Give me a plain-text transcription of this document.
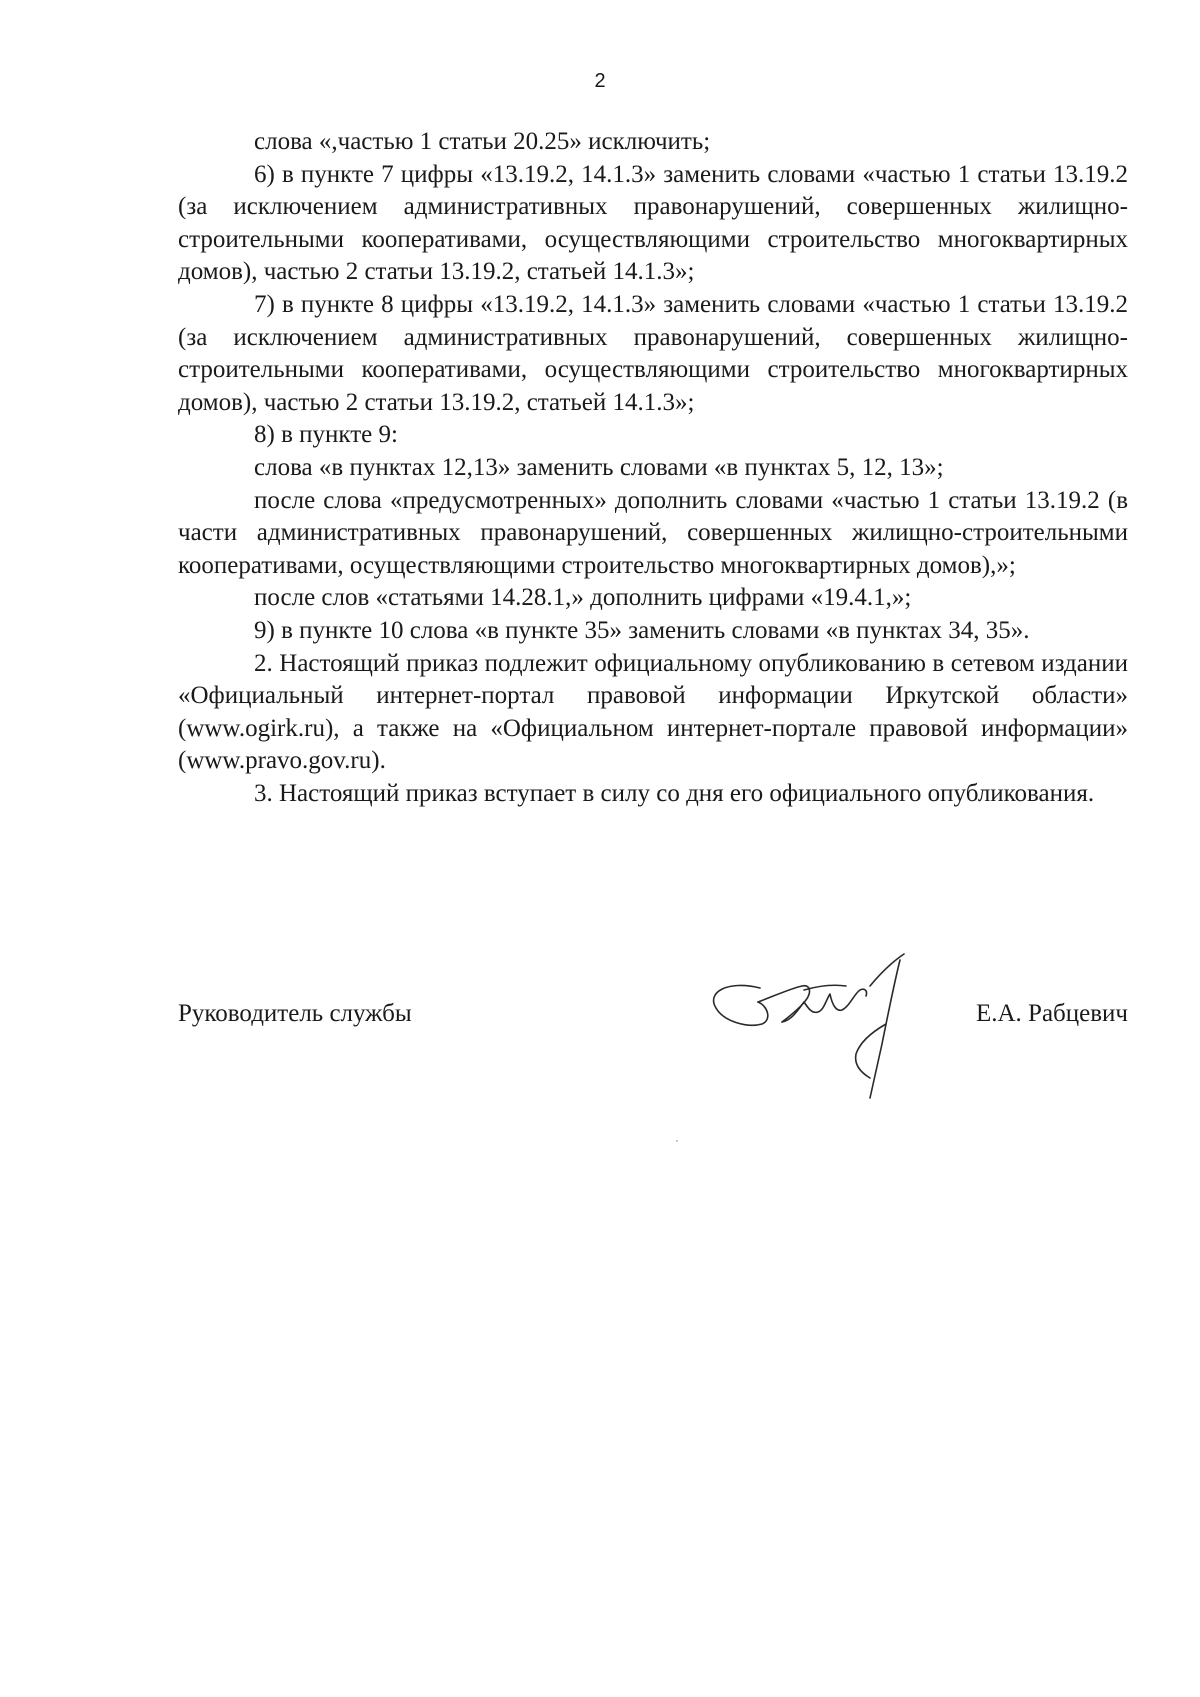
2

слова «,частью 1 статьи 20.25» исключить;

6) в пункте 7 цифры «13.19.2, 14.1.3» заменить словами «частью 1 статьи 13.19.2 (за исключением административных правонарушений, совершенных жилищно-строительными кооперативами, осуществляющими строительство многоквартирных домов), частью 2 статьи 13.19.2, статьей 14.1.3»;

7) в пункте 8 цифры «13.19.2, 14.1.3» заменить словами «частью 1 статьи 13.19.2 (за исключением административных правонарушений, совершенных жилищно-строительными кооперативами, осуществляющими строительство многоквартирных домов), частью 2 статьи 13.19.2, статьей 14.1.3»;

8) в пункте 9:

слова «в пунктах 12,13» заменить словами «в пунктах 5, 12, 13»;

после слова «предусмотренных» дополнить словами «частью 1 статьи 13.19.2 (в части административных правонарушений, совершенных жилищно-строительными кооперативами, осуществляющими строительство многоквартирных домов),»;

после слов «статьями 14.28.1,» дополнить цифрами «19.4.1,»;

9) в пункте 10 слова «в пункте 35» заменить словами «в пунктах 34, 35».

2. Настоящий приказ подлежит официальному опубликованию в сетевом издании «Официальный интернет-портал правовой информации Иркутской области» (www.ogirk.ru), а также на «Официальном интернет-портале правовой информации» (www.pravo.gov.ru).

3. Настоящий приказ вступает в силу со дня его официального опубликования.

Руководитель службы	Е.А. Рабцевич
